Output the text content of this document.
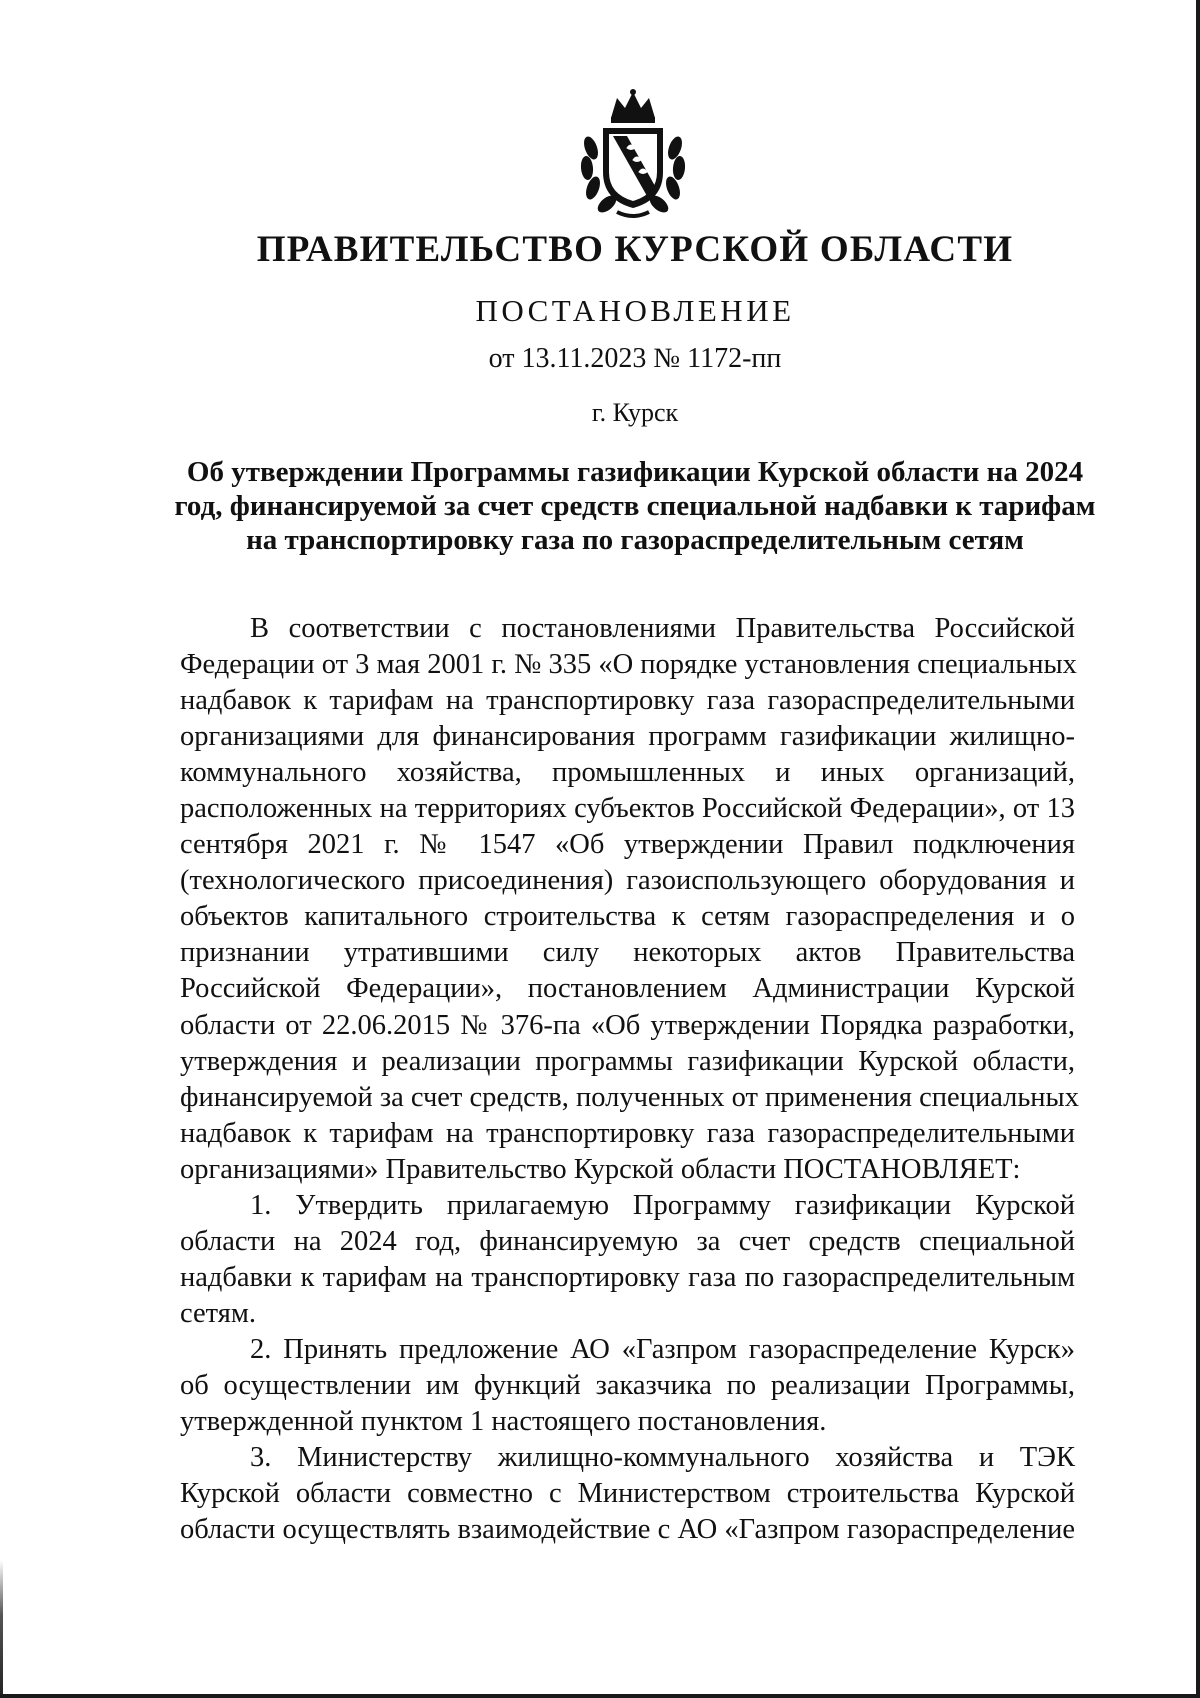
ПРАВИТЕЛЬСТВО КУРСКОЙ ОБЛАСТИ
ПОСТАНОВЛЕНИЕ
от 13.11.2023 № 1172-пп
г. Курск
Об утверждении Программы газификации Курской области на 2024
год, финансируемой за счет средств специальной надбавки к тарифам
на транспортировку газа по газораспределительным сетям
В соответствии с постановлениями Правительства Российской
Федерации от 3 мая 2001 г. № 335 «О порядке установления специальных
надбавок к тарифам на транспортировку газа газораспределительными
организациями для финансирования программ газификации жилищно-
коммунального хозяйства, промышленных и иных организаций,
расположенных на территориях субъектов Российской Федерации», от 13
сентября 2021 г. № 1547 «Об утверждении Правил подключения
(технологического присоединения) газоиспользующего оборудования и
объектов капитального строительства к сетям газораспределения и о
признании утратившими силу некоторых актов Правительства
Российской Федерации», постановлением Администрации Курской
области от 22.06.2015 № 376-па «Об утверждении Порядка разработки,
утверждения и реализации программы газификации Курской области,
финансируемой за счет средств, полученных от применения специальных
надбавок к тарифам на транспортировку газа газораспределительными
организациями» Правительство Курской области ПОСТАНОВЛЯЕТ:
1. Утвердить прилагаемую Программу газификации Курской
области на 2024 год, финансируемую за счет средств специальной
надбавки к тарифам на транспортировку газа по газораспределительным
сетям.
2. Принять предложение АО «Газпром газораспределение Курск»
об осуществлении им функций заказчика по реализации Программы,
утвержденной пунктом 1 настоящего постановления.
3. Министерству жилищно-коммунального хозяйства и ТЭК
Курской области совместно с Министерством строительства Курской
области осуществлять взаимодействие с АО «Газпром газораспределение
